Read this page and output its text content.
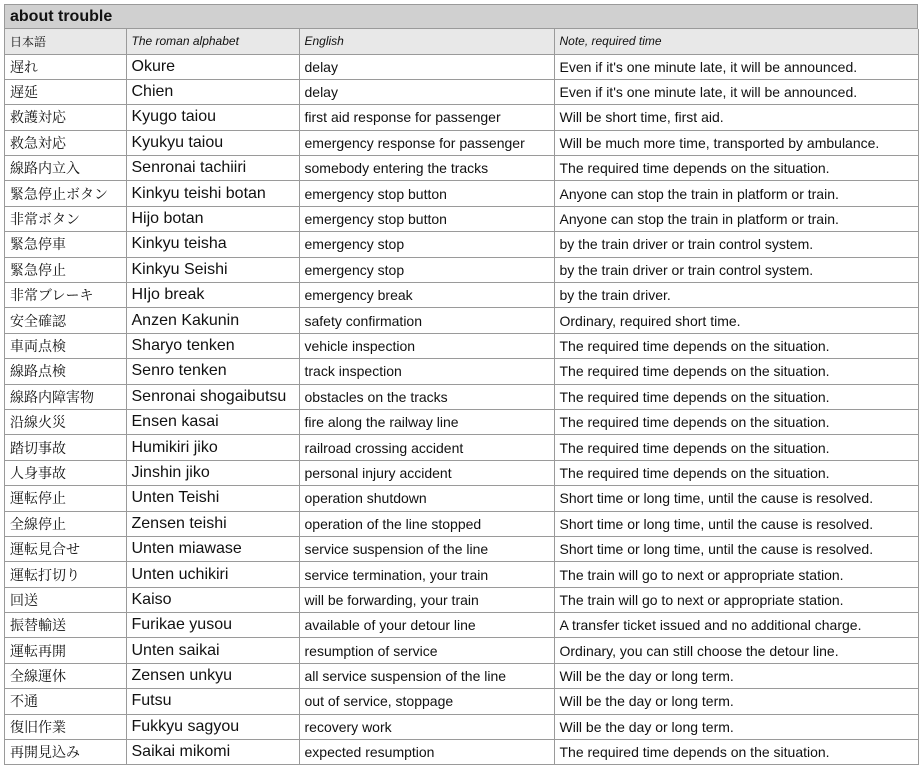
about trouble
日本語	The roman alphabet	English	Note, required time
遅れ	Okure	delay	Even if it's one minute late, it will be announced.
遅延	Chien	delay	Even if it's one minute late, it will be announced.
救護対応	Kyugo taiou	first aid response for passenger	Will be short time, first aid.
救急対応	Kyukyu taiou	emergency response for passenger	Will be much more time, transported by ambulance.
線路内立入	Senronai tachiiri	somebody entering the tracks	The required time depends on the situation.
緊急停止ボタン	Kinkyu teishi botan	emergency stop button	Anyone can stop the train in platform or train.
非常ボタン	Hijo botan	emergency stop button	Anyone can stop the train in platform or train.
緊急停車	Kinkyu teisha	emergency stop	by the train driver or train control system.
緊急停止	Kinkyu Seishi	emergency stop	by the train driver or train control system.
非常ブレーキ	HIjo break	emergency break	by the train driver.
安全確認	Anzen Kakunin	safety confirmation	Ordinary, required short time.
車両点検	Sharyo tenken	vehicle inspection	The required time depends on the situation.
線路点検	Senro tenken	track inspection	The required time depends on the situation.
線路内障害物	Senronai shogaibutsu	obstacles on the tracks	The required time depends on the situation.
沿線火災	Ensen kasai	fire along the railway line	The required time depends on the situation.
踏切事故	Humikiri jiko	railroad crossing accident	The required time depends on the situation.
人身事故	Jinshin jiko	personal injury accident	The required time depends on the situation.
運転停止	Unten Teishi	operation shutdown	Short time or long time, until the cause is resolved.
全線停止	Zensen teishi	operation of the line stopped	Short time or long time, until the cause is resolved.
運転見合せ	Unten miawase	service suspension of the line	Short time or long time, until the cause is resolved.
運転打切り	Unten uchikiri	service termination, your train	The train will go to next or appropriate station.
回送	Kaiso	will be forwarding, your train	The train will go to next or appropriate station.
振替輸送	Furikae yusou	available of your detour line	A transfer ticket issued and no additional charge.
運転再開	Unten saikai	resumption of service	Ordinary, you can still choose the detour line.
全線運休	Zensen unkyu	all service suspension of the line	Will be the day or long term.
不通	Futsu	out of service, stoppage	Will be the day or long term.
復旧作業	Fukkyu sagyou	recovery work	Will be the day or long term.
再開見込み	Saikai mikomi	expected resumption	The required time depends on the situation.
